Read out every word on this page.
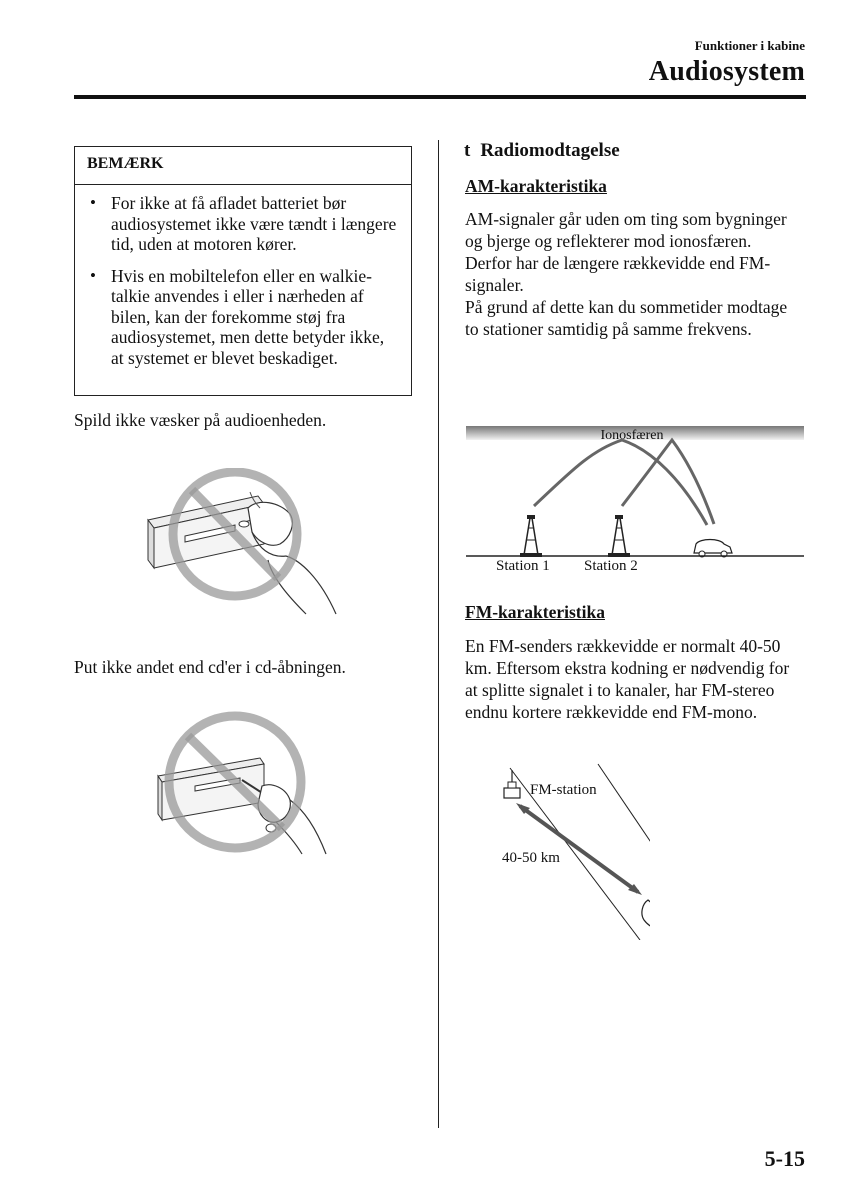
Funktioner i kabine
Audiosystem
BEMÆRK
• For ikke at få afladet batteriet bør audiosystemet ikke være tændt i længere tid, uden at motoren kører.
• Hvis en mobiltelefon eller en walkie-talkie anvendes i eller i nærheden af bilen, kan der forekomme støj fra audiosystemet, men dette betyder ikke, at systemet er blevet beskadiget.
Spild ikke væsker på audioenheden.
Put ikke andet end cd'er i cd-åbningen.
t Radiomodtagelse
AM-karakteristika

AM-signaler går uden om ting som bygninger og bjerge og reflekterer mod ionosfæren.

Derfor har de længere rækkevidde end FM-signaler.

På grund af dette kan du sommetider modtage to stationer samtidig på samme frekvens.

Ionosfæren
Station 1 Station 2
FM-karakteristika

En FM-senders rækkevidde er normalt 40-50 km. Eftersom ekstra kodning er nødvendig for at splitte signalet i to kanaler, har FM-stereo endnu kortere rækkevidde end FM-mono.

FM-station
40-50 km
5-15
